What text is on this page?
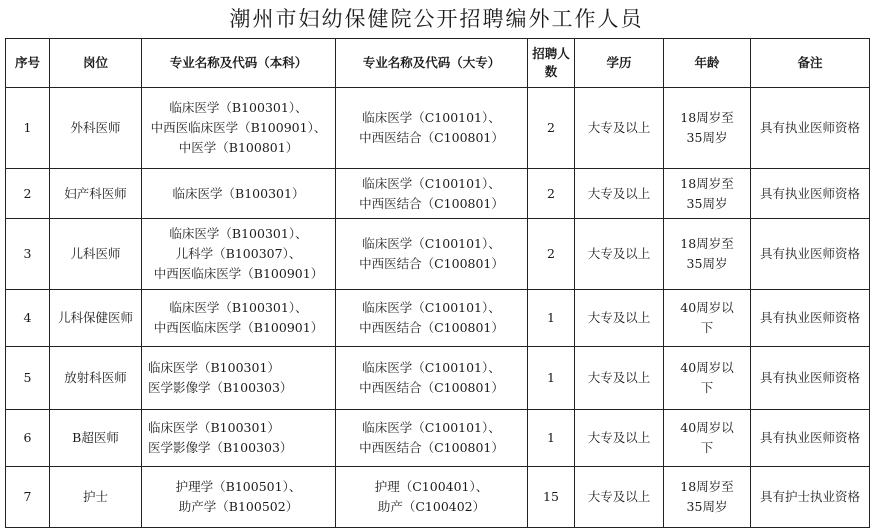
潮州市妇幼保健院公开招聘编外工作人员
序号	岗位	专业名称及代码（本科）	专业名称及代码（大专）	招聘人数	学历	年龄	备注
1	外科医师	临床医学（B100301）、
中西医临床医学（B100901）、
中医学（B100801）	临床医学（C100101）、
中西医结合（C100801）	2	大专及以上	18周岁至
35周岁	具有执业医师资格
2	妇产科医师	临床医学（B100301）	临床医学（C100101）、
中西医结合（C100801）	2	大专及以上	18周岁至
35周岁	具有执业医师资格
3	儿科医师	临床医学（B100301）、
儿科学（B100307）、
中西医临床医学（B100901）	临床医学（C100101）、
中西医结合（C100801）	2	大专及以上	18周岁至
35周岁	具有执业医师资格
4	儿科保健医师	临床医学（B100301）、
中西医临床医学（B100901）	临床医学（C100101）、
中西医结合（C100801）	1	大专及以上	40周岁以
下	具有执业医师资格
5	放射科医师	临床医学（B100301）
医学影像学（B100303）	临床医学（C100101）、
中西医结合（C100801）	1	大专及以上	40周岁以
下	具有执业医师资格
6	B超医师	临床医学（B100301）
医学影像学（B100303）	临床医学（C100101）、
中西医结合（C100801）	1	大专及以上	40周岁以
下	具有执业医师资格
7	护士	护理学（B100501）、
助产学（B100502）	护理（C100401）、
助产（C100402）	15	大专及以上	18周岁至
35周岁	具有护士执业资格
